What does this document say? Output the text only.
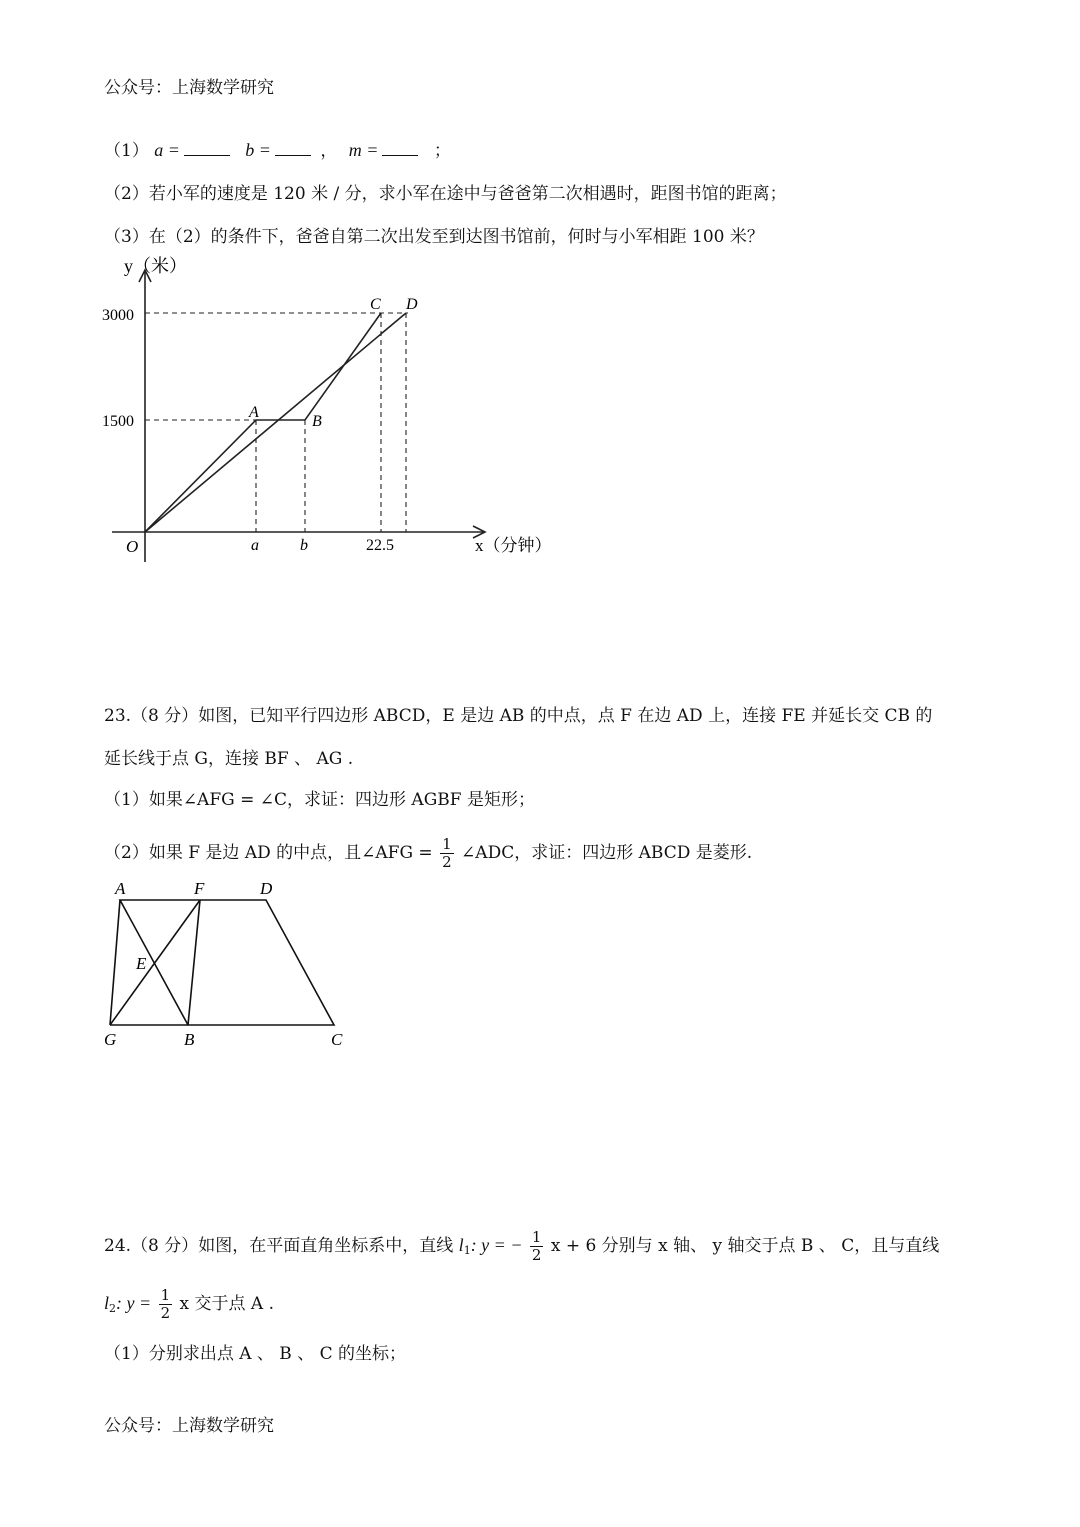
公众号：上海数学研究
（1） a =	b =	， m =	；
（2）若小军的速度是 120 米 / 分，求小军在途中与爸爸第二次相遇时，距图书馆的距离；
（3）在（2）的条件下，爸爸自第二次出发至到达图书馆前，何时与小军相距 100 米？
y（米）
3000
1500
O	a	b	22.5	x（分钟）
A
B
C D
23.（8 分）如图，已知平行四边形 ABCD，E 是边 AB 的中点，点 F 在边 AD 上，连接 FE 并延长交 CB 的
延长线于点 G，连接 BF 、 AG .
（1）如果∠AFG = ∠C，求证：四边形 AGBF 是矩形；
（2）如果 F 是边 AD 的中点，且∠AFG = $\frac{1}{2}$ ∠ADC，求证：四边形 ABCD 是菱形.
A	F	D
E
G	B	C
24.（8 分）如图，在平面直角坐标系中，直线 $l_1$: y = − $\frac{1}{2}$ x + 6 分别与 x 轴、 y 轴交于点 B 、 C，且与直线
$l_2$: $y = \frac{1}{2}$ x 交于点 A .
（1）分别求出点 A 、 B 、 C 的坐标；
公众号：上海数学研究
